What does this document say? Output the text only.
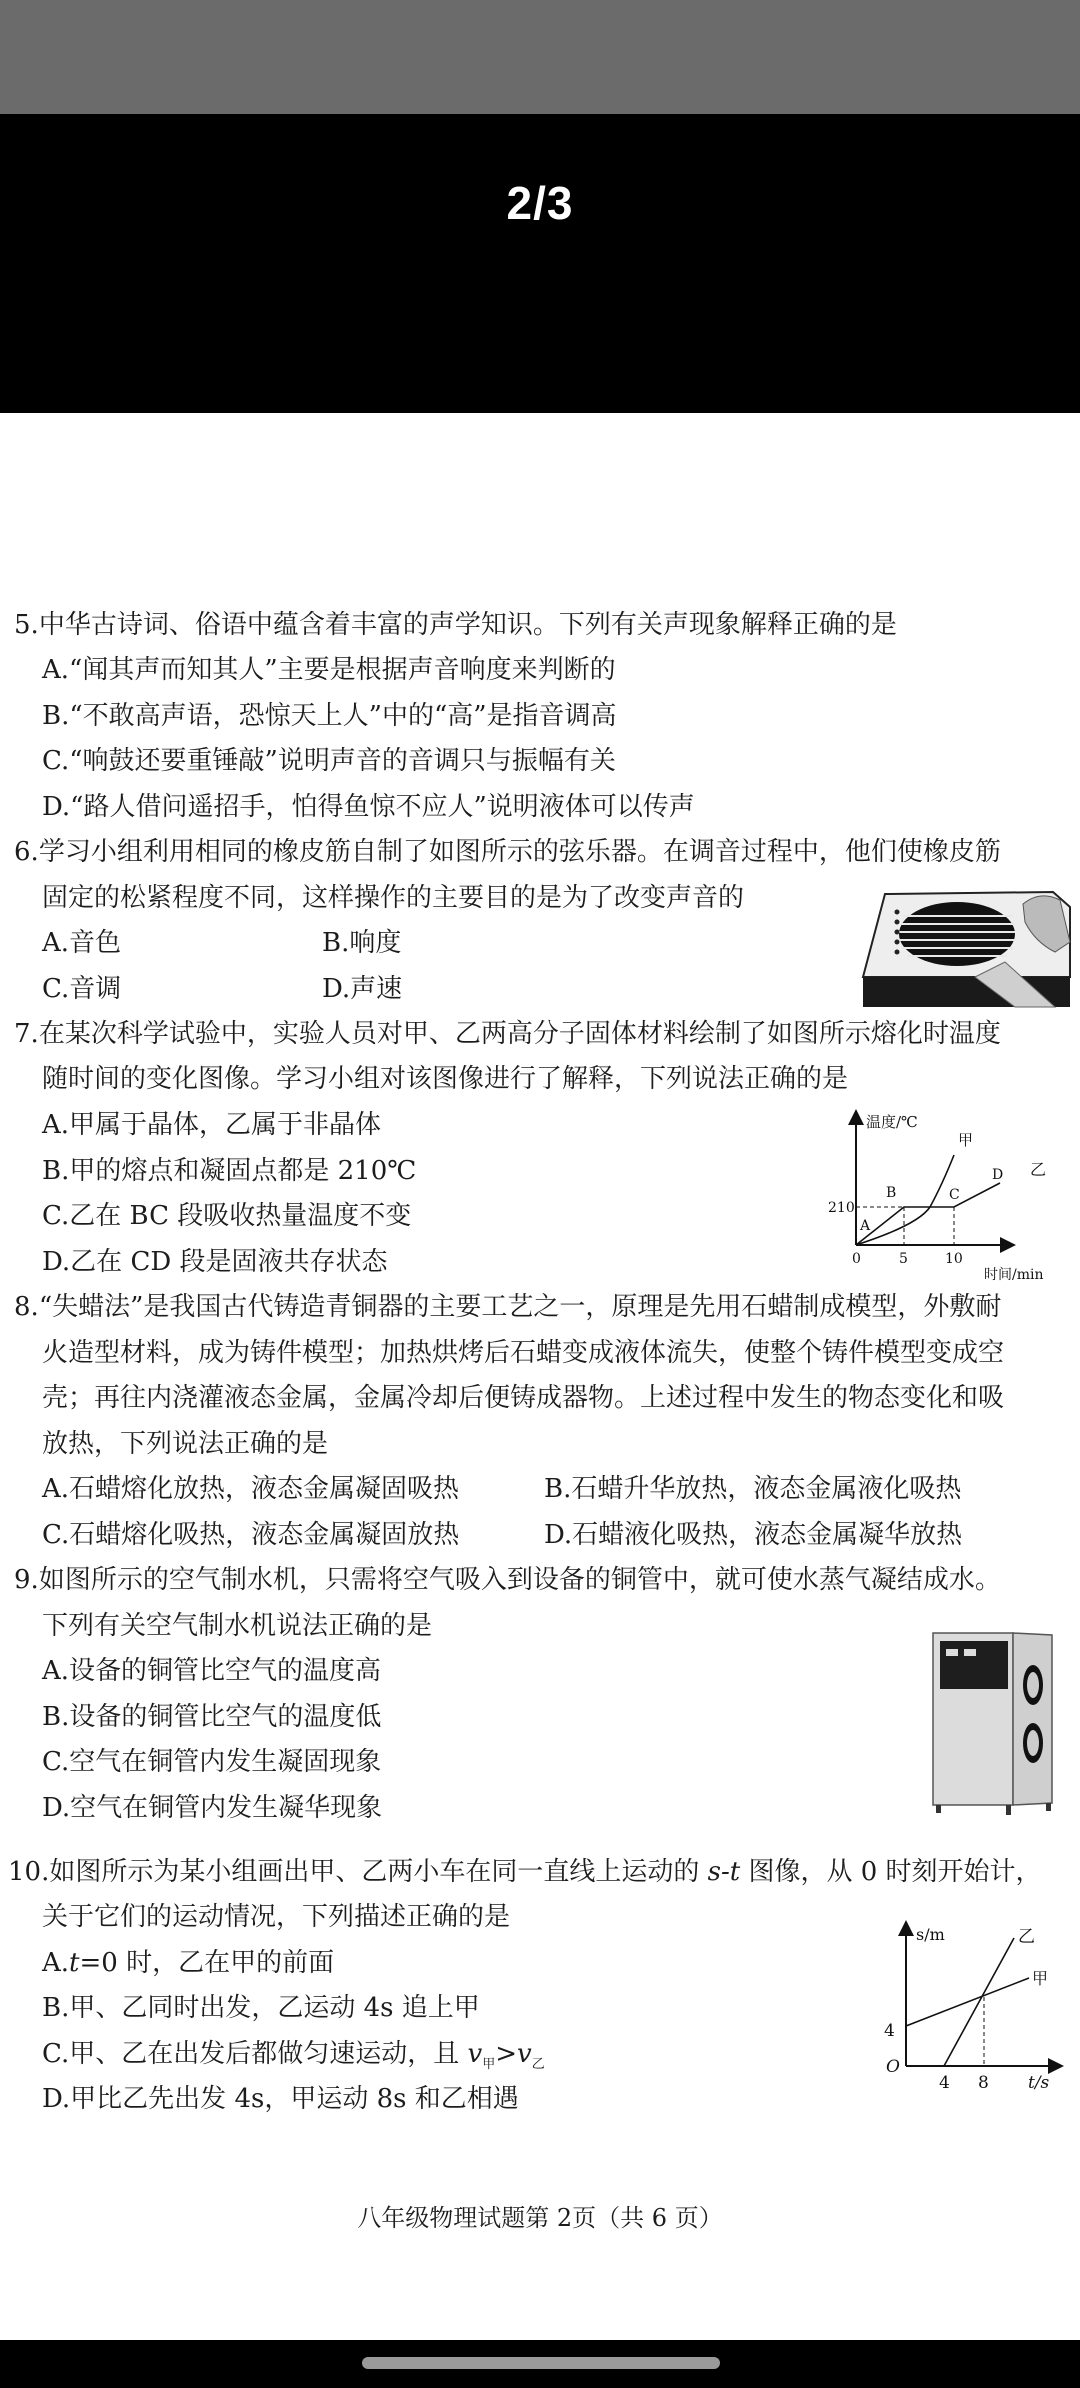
2/3
5.中华古诗词、俗语中蕴含着丰富的声学知识。下列有关声现象解释正确的是
A.“闻其声而知其人”主要是根据声音响度来判断的
B.“不敢高声语，恐惊天上人”中的“高”是指音调高
C.“响鼓还要重锤敲”说明声音的音调只与振幅有关
D.“路人借问遥招手，怕得鱼惊不应人”说明液体可以传声
6.学习小组利用相同的橡皮筋自制了如图所示的弦乐器。在调音过程中，他们使橡皮筋
固定的松紧程度不同，这样操作的主要目的是为了改变声音的
A.音色	B.响度
C.音调	D.声速
7.在某次科学试验中，实验人员对甲、乙两高分子固体材料绘制了如图所示熔化时温度
随时间的变化图像。学习小组对该图像进行了解释，下列说法正确的是
A.甲属于晶体，乙属于非晶体
B.甲的熔点和凝固点都是 210℃
C.乙在 BC 段吸收热量温度不变
D.乙在 CD 段是固液共存状态
温度/℃
甲
乙
210
A
B	C
D
0	5	10
时间/min
8.“失蜡法”是我国古代铸造青铜器的主要工艺之一，原理是先用石蜡制成模型，外敷耐
火造型材料，成为铸件模型；加热烘烤后石蜡变成液体流失，使整个铸件模型变成空
壳；再往内浇灌液态金属，金属冷却后便铸成器物。上述过程中发生的物态变化和吸
放热，下列说法正确的是
A.石蜡熔化放热，液态金属凝固吸热	B.石蜡升华放热，液态金属液化吸热
C.石蜡熔化吸热，液态金属凝固放热	D.石蜡液化吸热，液态金属凝华放热
9.如图所示的空气制水机，只需将空气吸入到设备的铜管中，就可使水蒸气凝结成水。
下列有关空气制水机说法正确的是
A.设备的铜管比空气的温度高
B.设备的铜管比空气的温度低
C.空气在铜管内发生凝固现象
D.空气在铜管内发生凝华现象
10.如图所示为某小组画出甲、乙两小车在同一直线上运动的 s-t 图像，从 0 时刻开始计，
关于它们的运动情况，下列描述正确的是
A.t=0 时，乙在甲的前面
B.甲、乙同时出发，乙运动 4s 追上甲
C.甲、乙在出发后都做匀速运动，且 $v_甲>v_乙$
D.甲比乙先出发 4s，甲运动 8s 和乙相遇
s/m	乙
甲
4
O
4 8 t/s
八年级物理试题第 2页（共 6 页）
